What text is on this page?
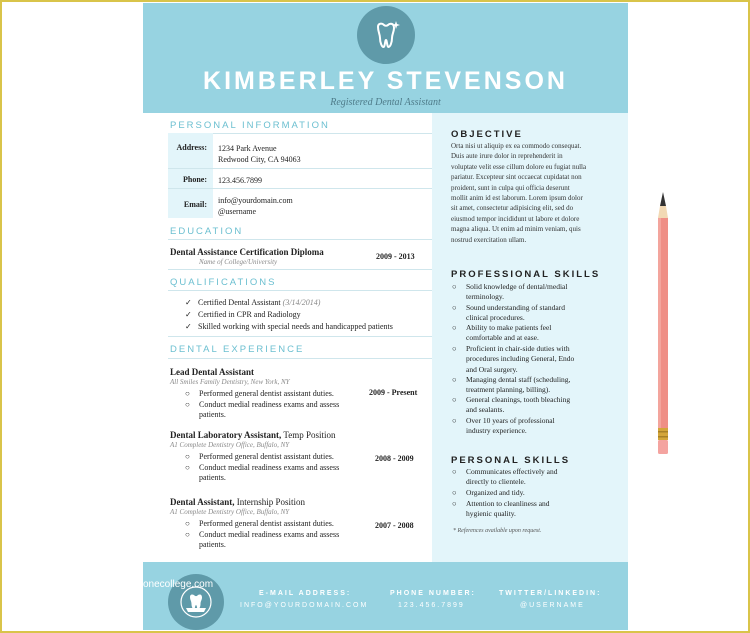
KIMBERLEY STEVENSON
Registered Dental Assistant
PERSONAL INFORMATION
Address: 1234 Park Avenue
Redwood City, CA 94063
Phone: 123.456.7899
Email: info@yourdomain.com
@username
EDUCATION
Dental Assistance Certification Diploma
Name of College/University
2009 - 2013
QUALIFICATIONS
✓ Certified Dental Assistant (3/14/2014)
✓ Certified in CPR and Radiology
✓ Skilled working with special needs and handicapped patients
DENTAL EXPERIENCE
Lead Dental Assistant
All Smiles Family Dentistry, New York, NY
2009 - Present
○ Performed general dentist assistant duties.
○ Conduct medial readiness exams and assess
patients.
Dental Laboratory Assistant, Temp Position
A1 Complete Dentistry Office, Buffalo, NY
2008 - 2009
○ Performed general dentist assistant duties.
○ Conduct medial readiness exams and assess
patients.
Dental Assistant, Internship Position
A1 Complete Dentistry Office, Buffalo, NY
2007 - 2008
○ Performed general dentist assistant duties.
○ Conduct medial readiness exams and assess
patients.
OBJECTIVE
Orta nisi ut aliquip ex ea commodo consequat.
Duis aute irure dolor in reprehenderit in
voluptate velit esse cillum dolore eu fugiat nulla
pariatur. Excepteur sint occaecat cupidatat non
proident, sunt in culpa qui officia deserunt
mollit anim id est laborum. Lorem ipsum dolor
sit amet, consectetur adipisicing elit, sed do
eiusmod tempor incididunt ut labore et dolore
magna aliqua. Ut enim ad minim veniam, quis
nostrud exercitation ullam.
PROFESSIONAL SKILLS
○ Solid knowledge of dental/medial
terminology.
○ Sound understanding of standard
clinical procedures.
○ Ability to make patients feel
comfortable and at ease.
○ Proficient in chair-side duties with
procedures including General, Endo
and Oral surgery.
○ Managing dental staff (scheduling,
treatment planning, billing).
○ General cleanings, tooth bleaching
and sealants.
○ Over 10 years of professional
industry experience.
PERSONAL SKILLS
○ Communicates effectively and
directly to clientele.
○ Organized and tidy.
○ Attention to cleanliness and
hygienic quality.
* References available upon request.
E-MAIL ADDRESS:
INFO@YOURDOMAIN.COM
PHONE NUMBER:
123.456.7899
TWITTER/LINKEDIN:
@USERNAME
onecollege.com
